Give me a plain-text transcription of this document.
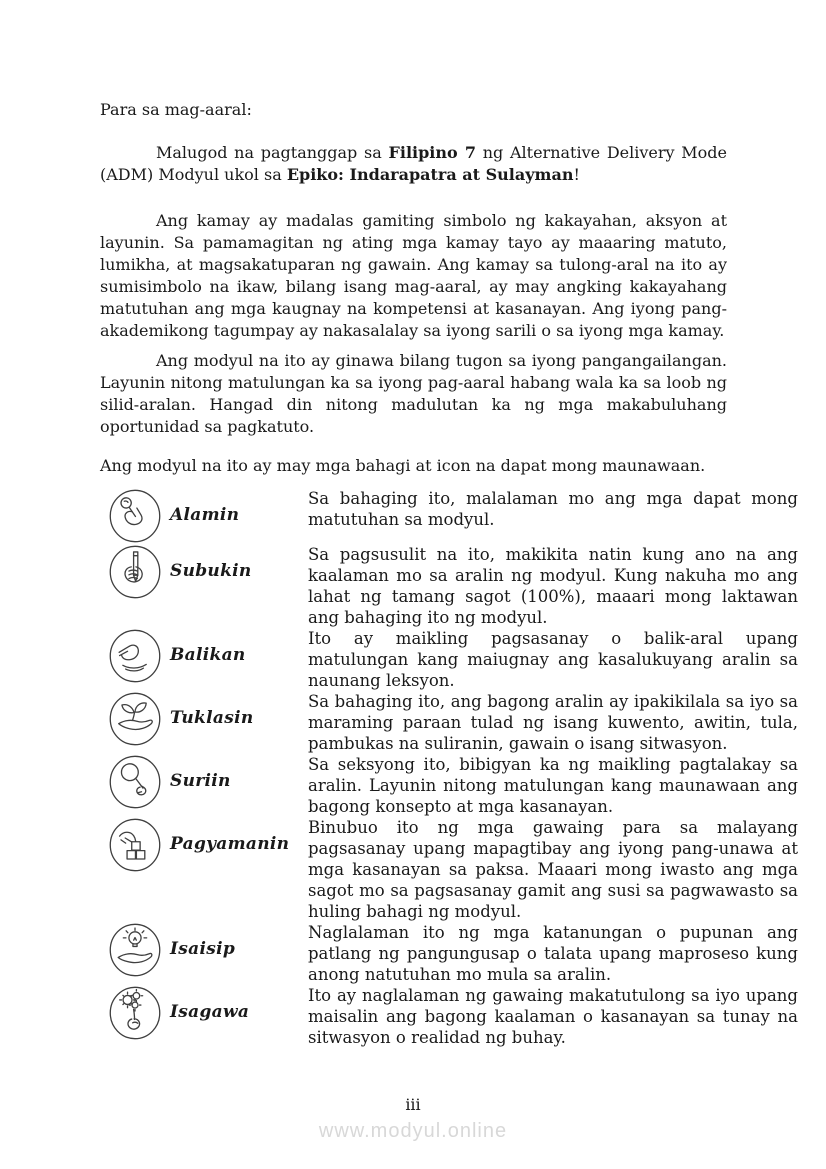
Para sa mag-aaral:

Malugod na pagtanggap sa Filipino 7 ng Alternative Delivery Mode (ADM) Modyul ukol sa Epiko: Indarapatra at Sulayman!

Ang kamay ay madalas gamiting simbolo ng kakayahan, aksyon at layunin. Sa pamamagitan ng ating mga kamay tayo ay maaaring matuto, lumikha, at magsakatuparan ng gawain. Ang kamay sa tulong-aral na ito ay sumisimbolo na ikaw, bilang isang mag-aaral, ay may angking kakayahang matutuhan ang mga kaugnay na kompetensi at kasanayan. Ang iyong pang-akademikong tagumpay ay nakasalalay sa iyong sarili o sa iyong mga kamay.

Ang modyul na ito ay ginawa bilang tugon sa iyong pangangailangan. Layunin nitong matulungan ka sa iyong pag-aaral habang wala ka sa loob ng silid-aralan. Hangad din nitong madulutan ka ng mga makabuluhang oportunidad sa pagkatuto.

Ang modyul na ito ay may mga bahagi at icon na dapat mong maunawaan.

Alamin
Sa bahaging ito, malalaman mo ang mga dapat mong matutuhan sa modyul.
Subukin
Sa pagsusulit na ito, makikita natin kung ano na ang kaalaman mo sa aralin ng modyul. Kung nakuha mo ang lahat ng tamang sagot (100%), maaari mong laktawan ang bahaging ito ng modyul.
Balikan
Ito ay maikling pagsasanay o balik-aral upang matulungan kang maiugnay ang kasalukuyang aralin sa naunang leksyon.
Tuklasin
Sa bahaging ito, ang bagong aralin ay ipakikilala sa iyo sa maraming paraan tulad ng isang kuwento, awitin, tula, pambukas na suliranin, gawain o isang sitwasyon.
Suriin
Sa seksyong ito, bibigyan ka ng maikling pagtalakay sa aralin. Layunin nitong matulungan kang maunawaan ang bagong konsepto at mga kasanayan.
Pagyamanin
Binubuo ito ng mga gawaing para sa malayang pagsasanay upang mapagtibay ang iyong pang-unawa at mga kasanayan sa paksa. Maaari mong iwasto ang mga sagot mo sa pagsasanay gamit ang susi sa pagwawasto sa huling bahagi ng modyul.
Isaisip
Naglalaman ito ng mga katanungan o pupunan ang patlang ng pangungusap o talata upang maproseso kung anong natutuhan mo mula sa aralin.
Isagawa
Ito ay naglalaman ng gawaing makatutulong sa iyo upang maisalin ang bagong kaalaman o kasanayan sa tunay na sitwasyon o realidad ng buhay.
iii
www.modyul.online
